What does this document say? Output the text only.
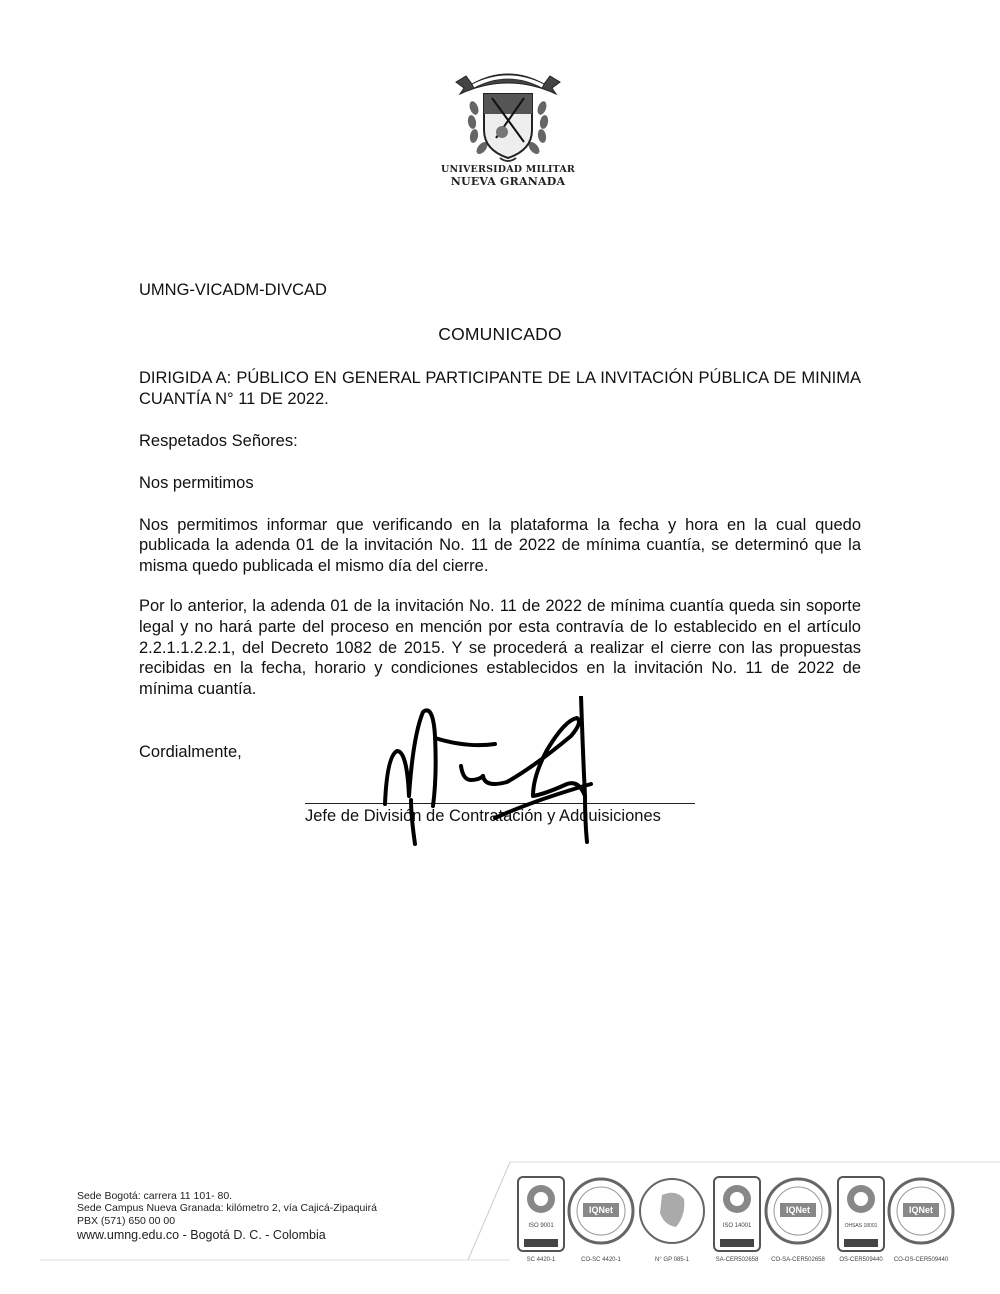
UNIVERSIDAD MILITAR
NUEVA GRANADA

UMNG-VICADM-DIVCAD

COMUNICADO

DIRIGIDA A: PÚBLICO EN GENERAL PARTICIPANTE DE LA INVITACIÓN PÚBLICA DE MINIMA CUANTÍA N° 11 DE 2022.

Respetados Señores:

Nos permitimos

Nos permitimos informar que verificando en la plataforma la fecha y hora en la cual quedo publicada la adenda 01 de la invitación No. 11 de 2022 de mínima cuantía, se determinó que la misma quedo publicada el mismo día del cierre.

Por lo anterior, la adenda 01 de la invitación No. 11 de 2022 de mínima cuantía queda sin soporte legal y no hará parte del proceso en mención por esta contravía de lo establecido en el artículo 2.2.1.1.2.2.1, del Decreto 1082 de 2015. Y se procederá a realizar el cierre con las propuestas recibidas en la fecha, horario y condiciones establecidos en la invitación No. 11 de 2022 de mínima cuantía.

Cordialmente,
Jefe de División de Contratación y Adquisiciones
Sede Bogotá: carrera 11 101- 80.
Sede Campus Nueva Granada: kilómetro 2, vía Cajicá-Zipaquirá
PBX (571) 650 00 00
www.umng.edu.co - Bogotá D. C. - Colombia
ISO 9001
SC 4420-1
IQNet
CO-SC 4420-1	N° GP 085-1
ISO 14001
SA-CER502658
IQNet
CO-SA-CER502658
OHSAS 18001
OS-CER509440
IQNet
CO-OS-CER509440
